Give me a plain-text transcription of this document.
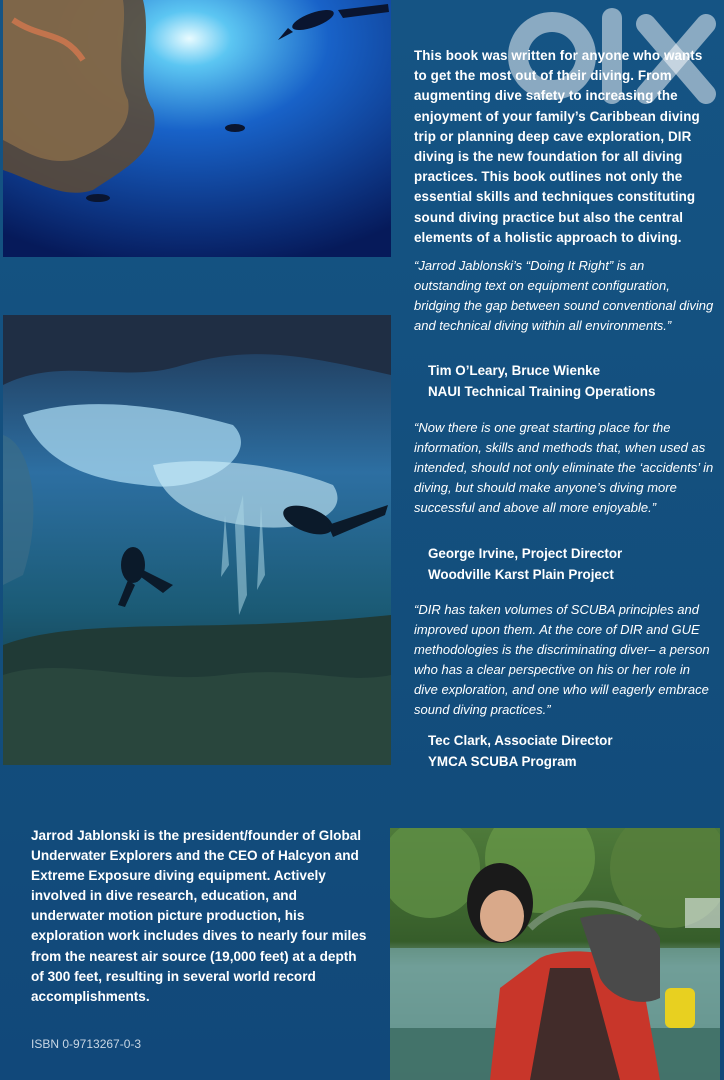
This book was written for anyone who wants to get the most out of their diving. From augmenting dive safety to increasing the enjoyment of your family’s Caribbean diving trip or planning deep cave exploration, DIR diving is the new foundation for all diving practices. This book outlines not only the essential skills and techniques constituting sound diving practice but also the central elements of a holistic approach to diving.
“Jarrod Jablonski’s “Doing It Right” is an outstanding text on equipment configuration, bridging the gap between sound conventional diving and technical diving within all environments.”
Tim O’Leary, Bruce Wienke
NAUI Technical Training Operations
“Now there is one great starting place for the information, skills and methods that, when used as intended, should not only eliminate the ‘accidents’ in diving, but should make anyone’s diving more successful and above all more enjoyable.”
George Irvine, Project Director
Woodville Karst Plain Project
“DIR has taken volumes of SCUBA principles and improved upon them. At the core of DIR and GUE methodologies is the discriminating diver– a person who has a clear perspective on his or her role in dive exploration, and one who will eagerly embrace sound diving practices.”
Tec Clark, Associate Director
YMCA SCUBA Program
Jarrod Jablonski is the president/founder of Global Underwater Explorers and the CEO of Halcyon and Extreme Exposure diving equipment. Actively involved in dive research, education, and underwater motion picture production, his exploration work includes dives to nearly four miles from the nearest air source (19,000 feet) at a depth of 300 feet, resulting in several world record accomplishments.
ISBN 0-9713267-0-3
